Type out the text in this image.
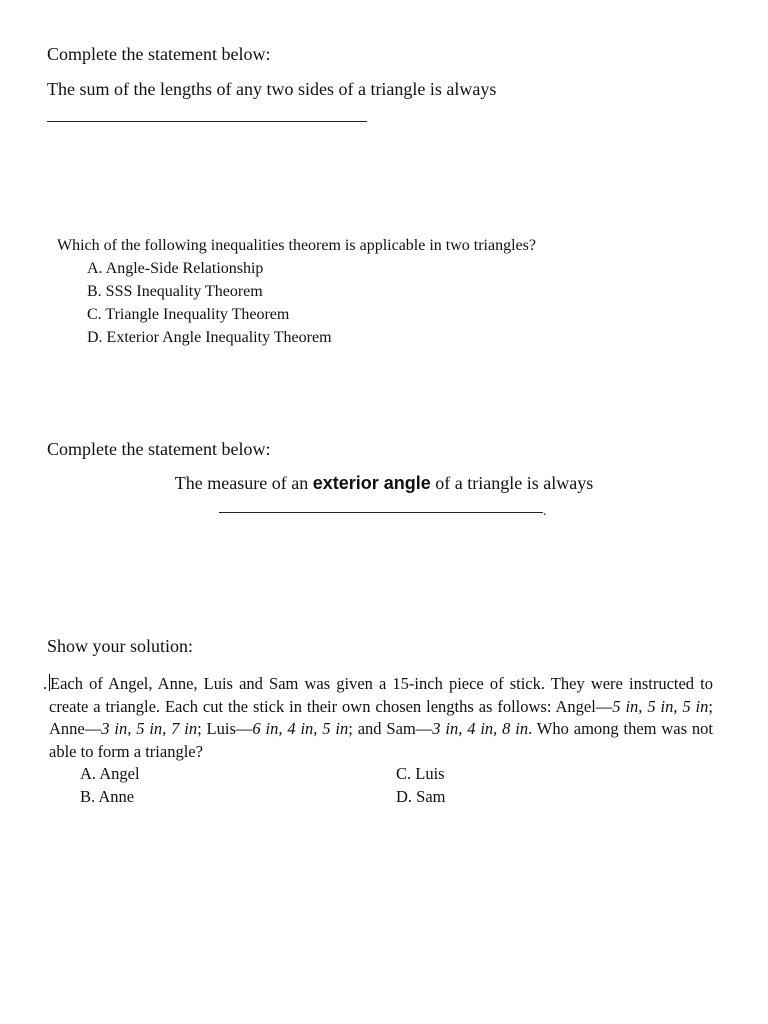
Complete the statement below:

The sum of the lengths of any two sides of a triangle is always

Which of the following inequalities theorem is applicable in two triangles?
A. Angle-Side Relationship
B. SSS Inequality Theorem
C. Triangle Inequality Theorem
D. Exterior Angle Inequality Theorem

Complete the statement below:

The measure of an exterior angle of a triangle is always

.

Show your solution:

. Each of Angel, Anne, Luis and Sam was given a 15-inch piece of stick. They were instructed to create a triangle. Each cut the stick in their own chosen lengths as follows: Angel—5 in, 5 in, 5 in; Anne—3 in, 5 in, 7 in; Luis—6 in, 4 in, 5 in; and Sam—3 in, 4 in, 8 in. Who among them was not able to form a triangle?

A. Angel	C. Luis
B. Anne	D. Sam
